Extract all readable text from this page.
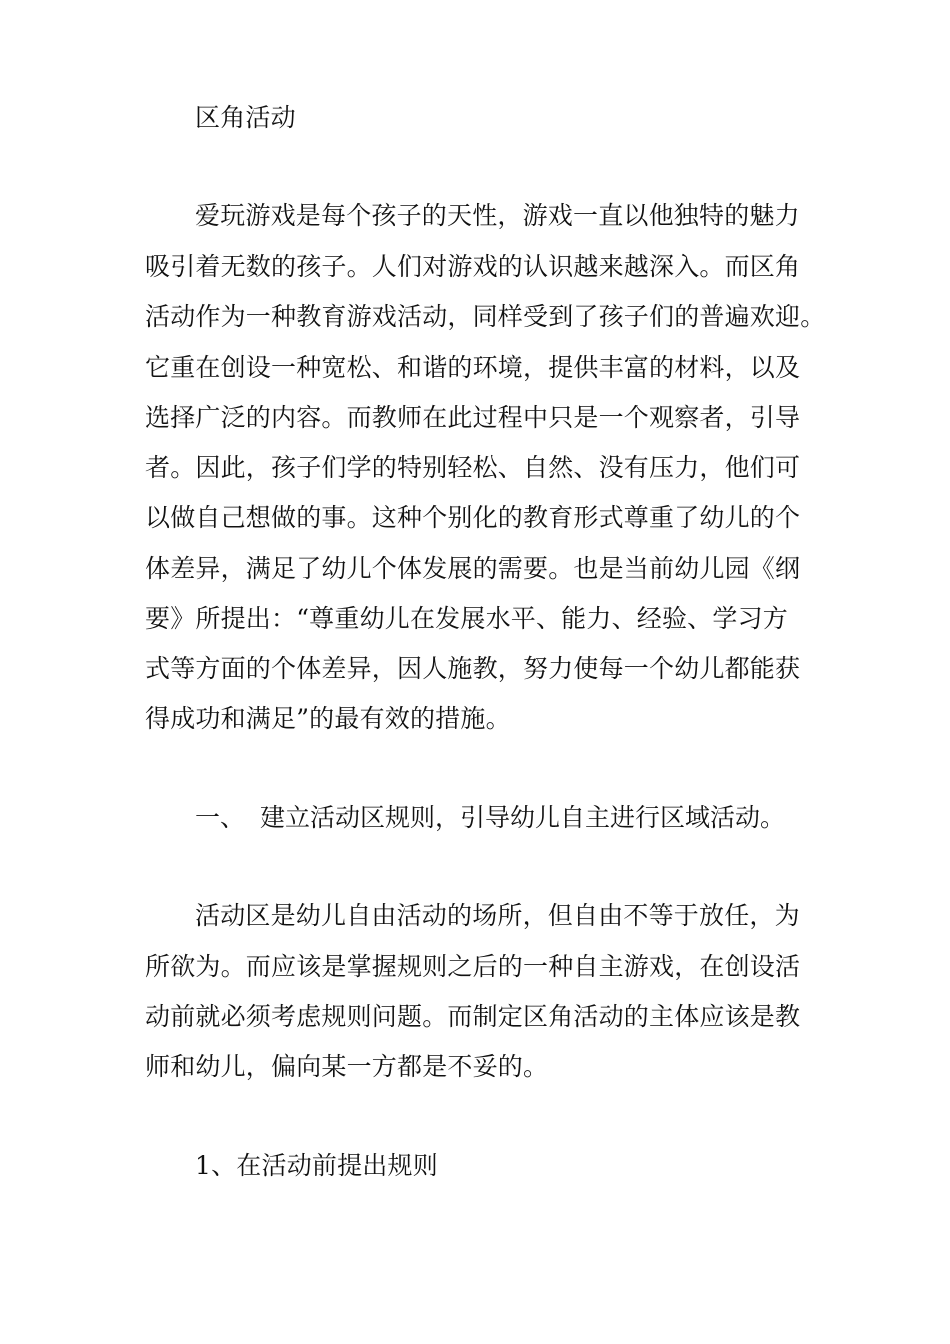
区角活动
爱玩游戏是每个孩子的天性，游戏一直以他独特的魅力
吸引着无数的孩子。人们对游戏的认识越来越深入。而区角
活动作为一种教育游戏活动，同样受到了孩子们的普遍欢迎。
它重在创设一种宽松、和谐的环境，提供丰富的材料，以及
选择广泛的内容。而教师在此过程中只是一个观察者，引导
者。因此，孩子们学的特别轻松、自然、没有压力，他们可
以做自己想做的事。这种个别化的教育形式尊重了幼儿的个
体差异，满足了幼儿个体发展的需要。也是当前幼儿园《纲
要》所提出：“尊重幼儿在发展水平、能力、经验、学习方
式等方面的个体差异，因人施教，努力使每一个幼儿都能获
得成功和满足”的最有效的措施。
一、 建立活动区规则，引导幼儿自主进行区域活动。
活动区是幼儿自由活动的场所，但自由不等于放任，为
所欲为。而应该是掌握规则之后的一种自主游戏，在创设活
动前就必须考虑规则问题。而制定区角活动的主体应该是教
师和幼儿，偏向某一方都是不妥的。
1、在活动前提出规则
